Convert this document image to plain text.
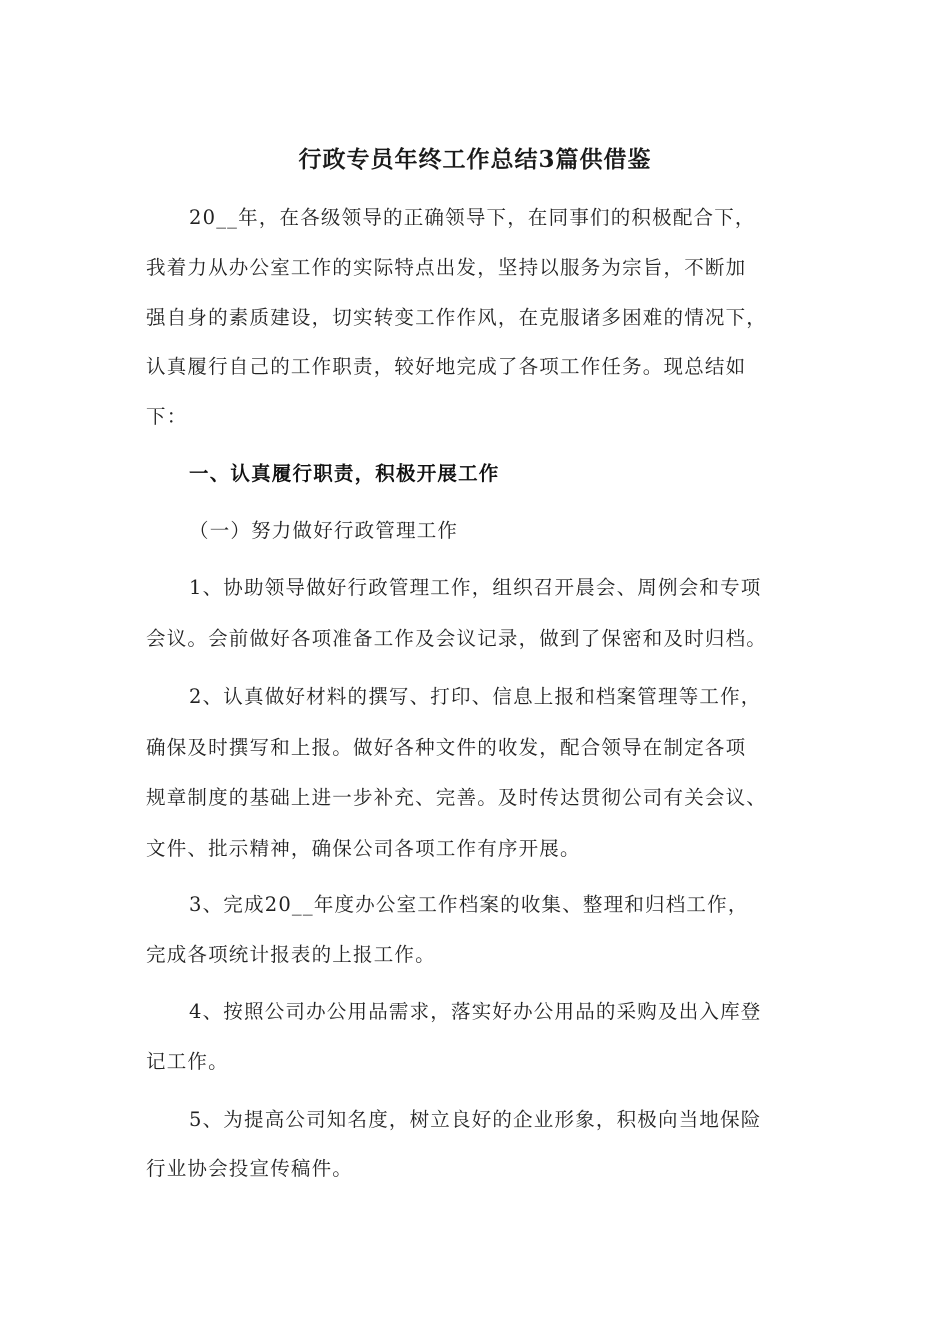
行政专员年终工作总结3篇供借鉴
20__年，在各级领导的正确领导下，在同事们的积极配合下，
我着力从办公室工作的实际特点出发，坚持以服务为宗旨，不断加
强自身的素质建设，切实转变工作作风，在克服诸多困难的情况下，
认真履行自己的工作职责，较好地完成了各项工作任务。现总结如
下：
一、认真履行职责，积极开展工作
（一）努力做好行政管理工作
1、协助领导做好行政管理工作，组织召开晨会、周例会和专项
会议。会前做好各项准备工作及会议记录，做到了保密和及时归档。
2、认真做好材料的撰写、打印、信息上报和档案管理等工作，
确保及时撰写和上报。做好各种文件的收发，配合领导在制定各项
规章制度的基础上进一步补充、完善。及时传达贯彻公司有关会议、
文件、批示精神，确保公司各项工作有序开展。
3、完成20__年度办公室工作档案的收集、整理和归档工作，
完成各项统计报表的上报工作。
4、按照公司办公用品需求，落实好办公用品的采购及出入库登
记工作。
5、为提高公司知名度，树立良好的企业形象，积极向当地保险
行业协会投宣传稿件。
